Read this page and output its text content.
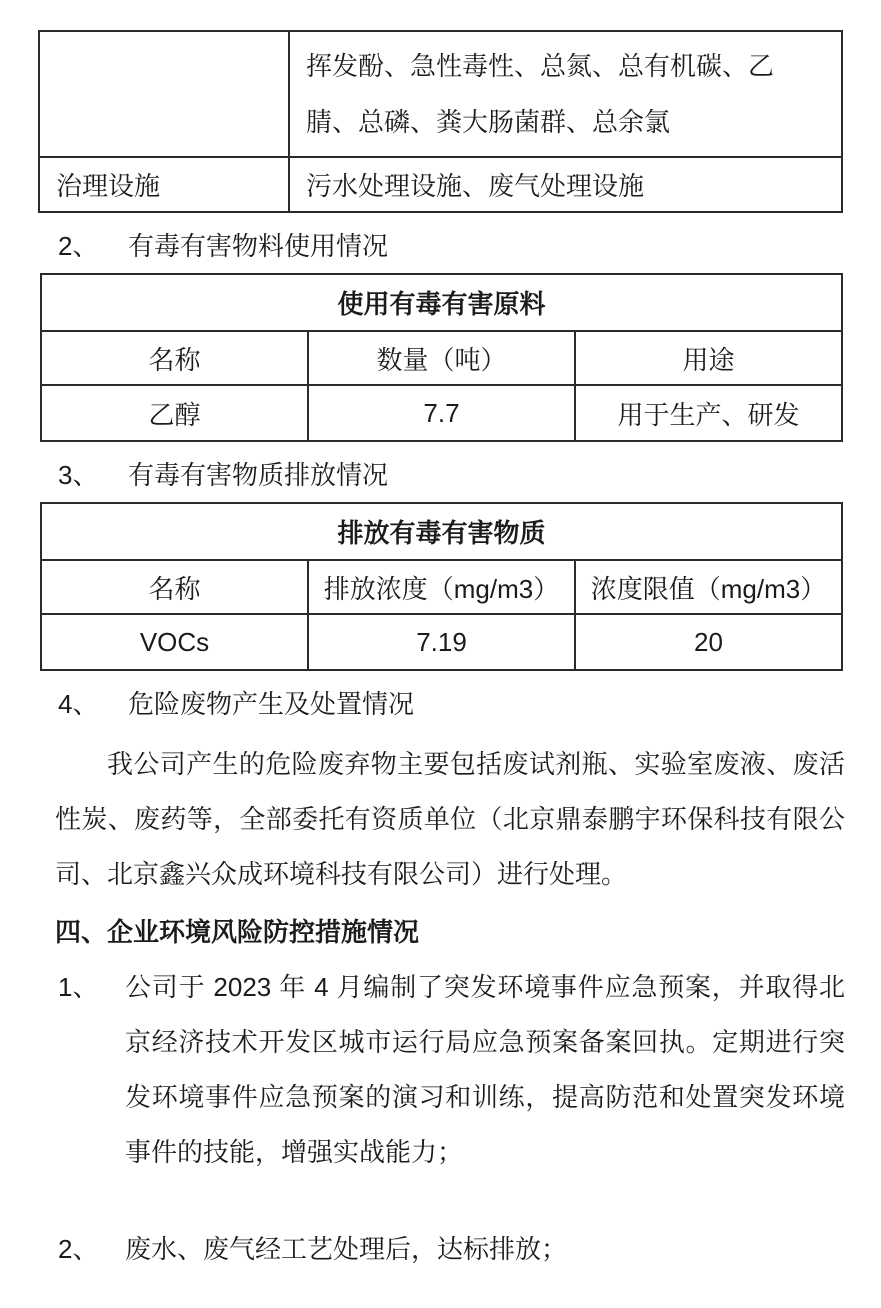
	挥发酚、急性毒性、总氮、总有机碳、乙腈、总磷、粪大肠菌群、总余氯
治理设施	污水处理设施、废气处理设施
2、	有毒有害物料使用情况
使用有毒有害原料		
名称	数量（吨）	用途
乙醇	7.7	用于生产、研发
3、	有毒有害物质排放情况
排放有毒有害物质		
名称	排放浓度（mg/m3）	浓度限值（mg/m3）
VOCs	7.19	20
4、	危险废物产生及处置情况
我公司产生的危险废弃物主要包括废试剂瓶、实验室废液、废活性炭、废药等，全部委托有资质单位（北京鼎泰鹏宇环保科技有限公司、北京鑫兴众成环境科技有限公司）进行处理。
四、企业环境风险防控措施情况
1、	公司于 2023 年 4 月编制了突发环境事件应急预案，并取得北京经济技术开发区城市运行局应急预案备案回执。定期进行突发环境事件应急预案的演习和训练，提高防范和处置突发环境事件的技能，增强实战能力；
2、	废水、废气经工艺处理后，达标排放；
